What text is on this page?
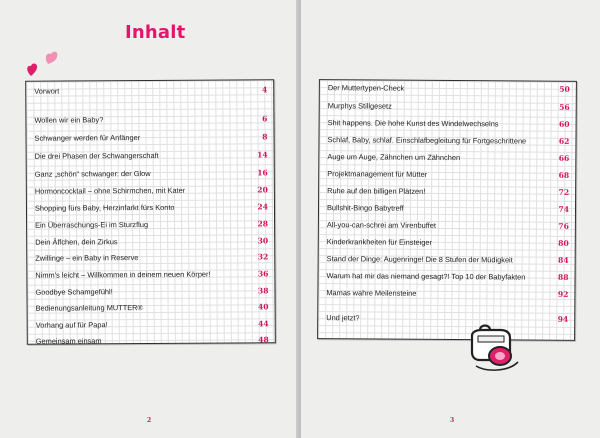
Inhalt
Vorwort	4
Wollen wir ein Baby?	6
Schwanger werden für Anfänger	8
Die drei Phasen der Schwangerschaft	14
Ganz „schön“ schwanger: der Glow	16
Hormoncocktail – ohne Schirmchen, mit Kater	20
Shopping fürs Baby, Herzinfarkt fürs Konto	24
Ein Überraschungs-Ei im Sturzflug	28
Dein Äffchen, dein Zirkus	30
Zwillinge – ein Baby in Reserve	32
Nimm's leicht – Willkommen in deinem neuen Körper!	36
Goodbye Schamgefühl!	38
Bedienungsanleitung MUTTER®	40
Vorhang auf für Papa!	44
Gemeinsam einsam	48
2
Der Muttertypen-Check	50
Murphys Stillgesetz	56
Shit happens. Die hohe Kunst des Windelwechselns	60
Schlaf, Baby, schlaf. Einschlafbegleitung für Fortgeschrittene	62
Auge um Auge, Zähnchen um Zähnchen	66
Projektmanagement für Mütter	68
Ruhe auf den billigen Plätzen!	72
Bullshit-Bingo Babytreff	74
All-you-can-schrei am Virenbuffet	76
Kinderkrankheiten für Einsteiger	80
Stand der Dinge: Augenringe! Die 8 Stufen der Müdigkeit	84
Warum hat mir das niemand gesagt?! Top 10 der Babyfakten	88
Mamas wahre Meilensteine	92
Und jetzt?	94
3
